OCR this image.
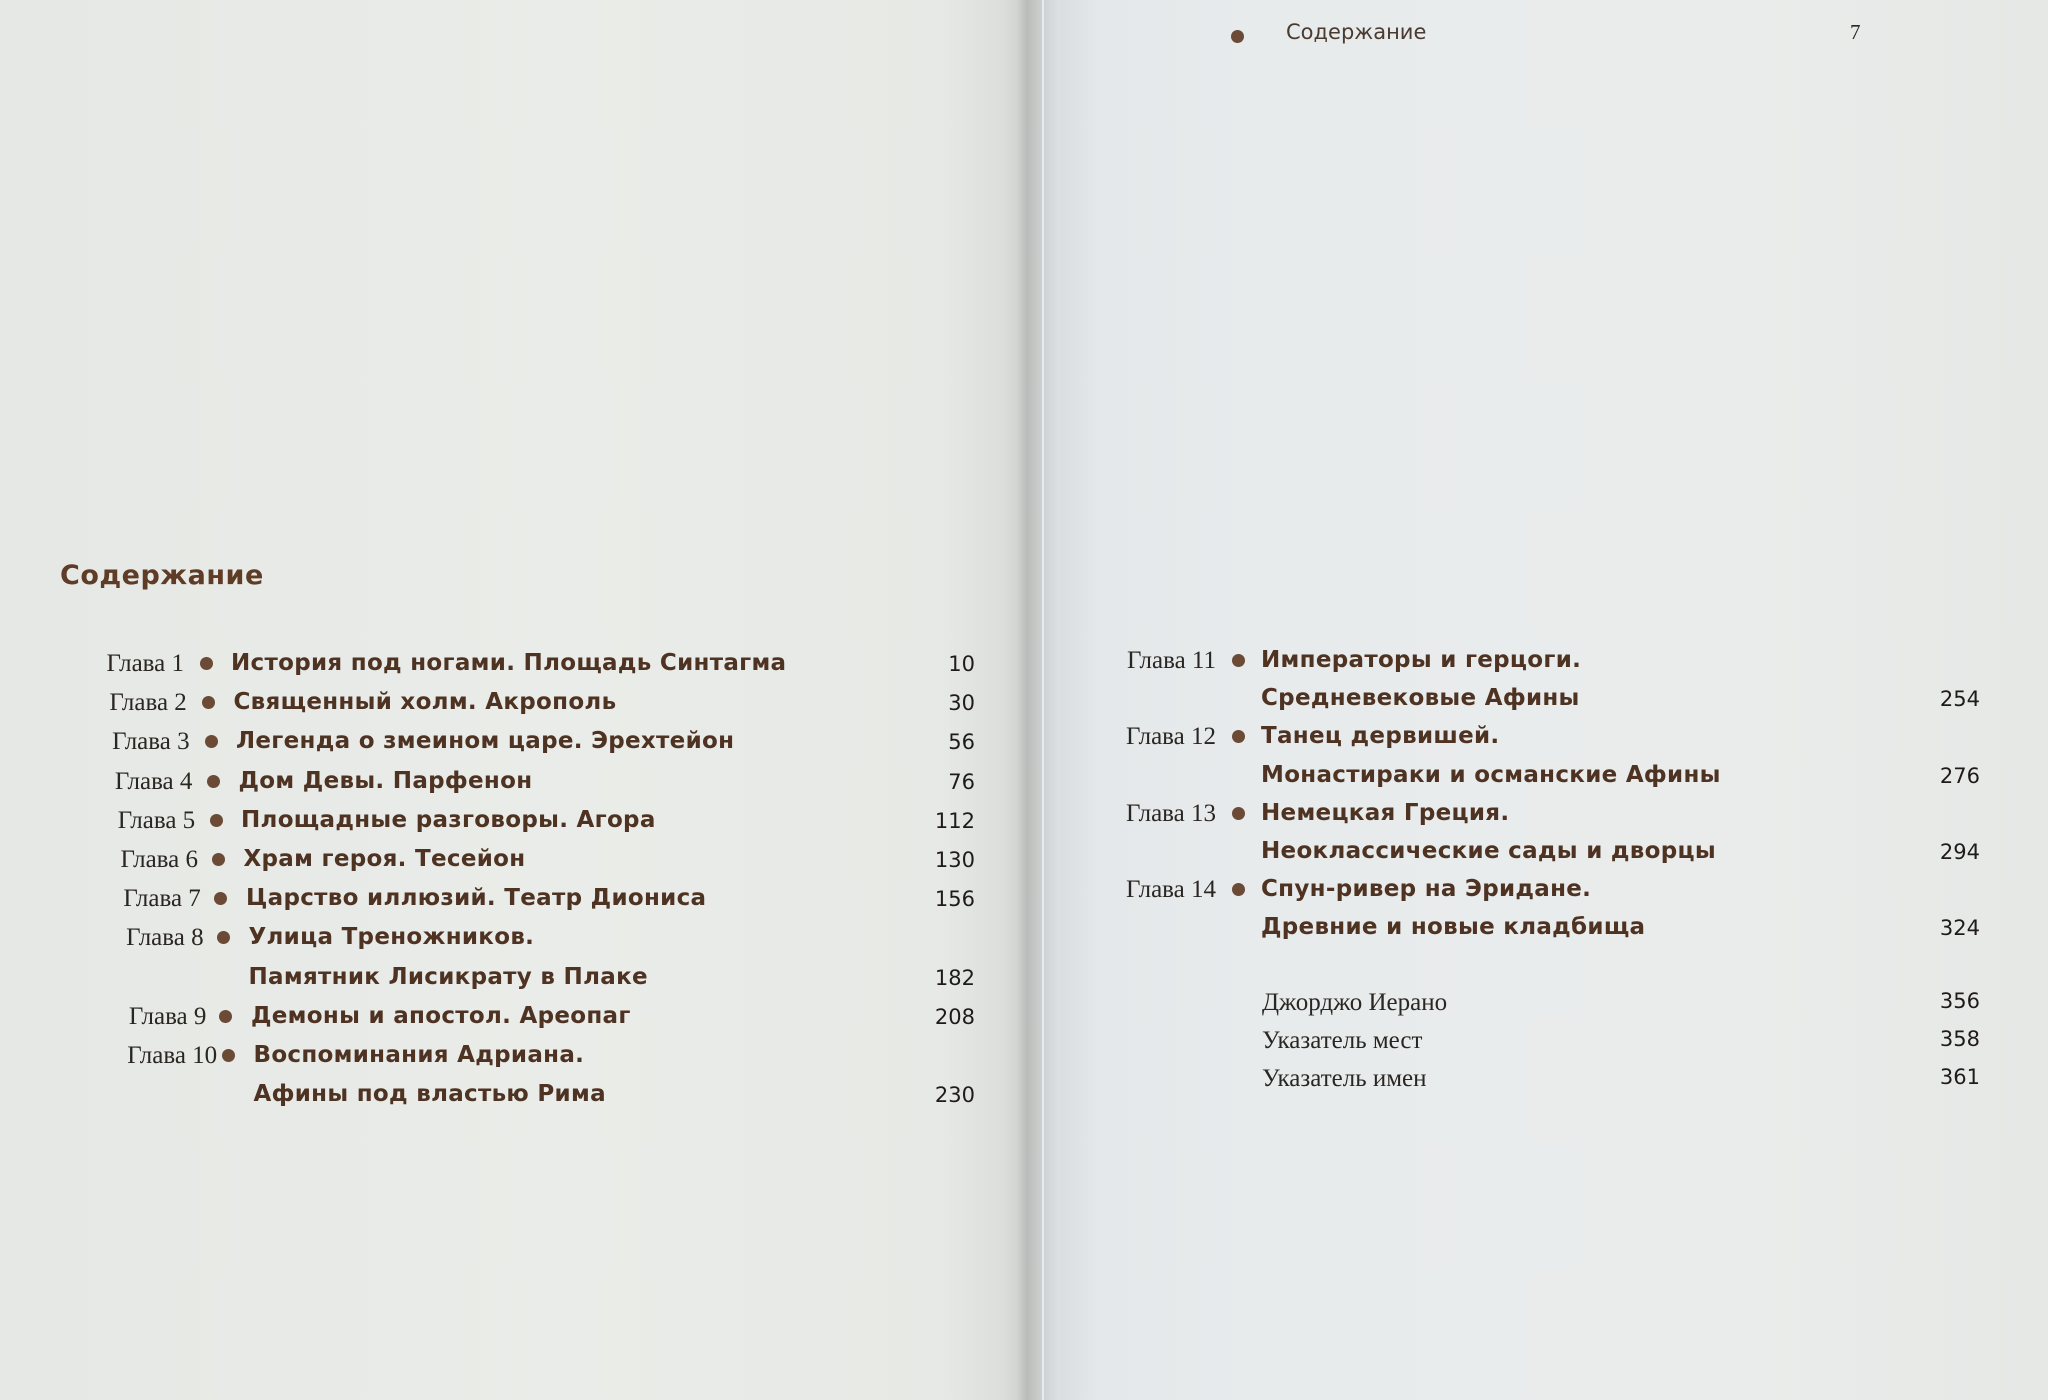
Содержание	7
Содержание
Глава 1 История под ногами. Площадь Синтагма	10
Глава 2 Священный холм. Акрополь	30
Глава 3 Легенда о змеином царе. Эрехтейон	56
Глава 4 Дом Девы. Парфенон	76
Глава 5 Площадные разговоры. Агора	112
Глава 6 Храм героя. Тесейон	130
Глава 7 Царство иллюзий. Театр Диониса	156
Глава 8 Улица Треножников.
Памятник Лисикрату в Плаке	182
Глава 9 Демоны и апостол. Ареопаг	208
Глава 10 Воспоминания Адриана.
Афины под властью Рима	230
Глава 11 Императоры и герцоги.
Средневековые Афины	254
Глава 12 Танец дервишей.
Монастираки и османские Афины	276
Глава 13 Немецкая Греция.
Неоклассические сады и дворцы	294
Глава 14 Спун-ривер на Эридане.
Древние и новые кладбища	324
Джорджо Иерано	356
Указатель мест	358
Указатель имен	361
